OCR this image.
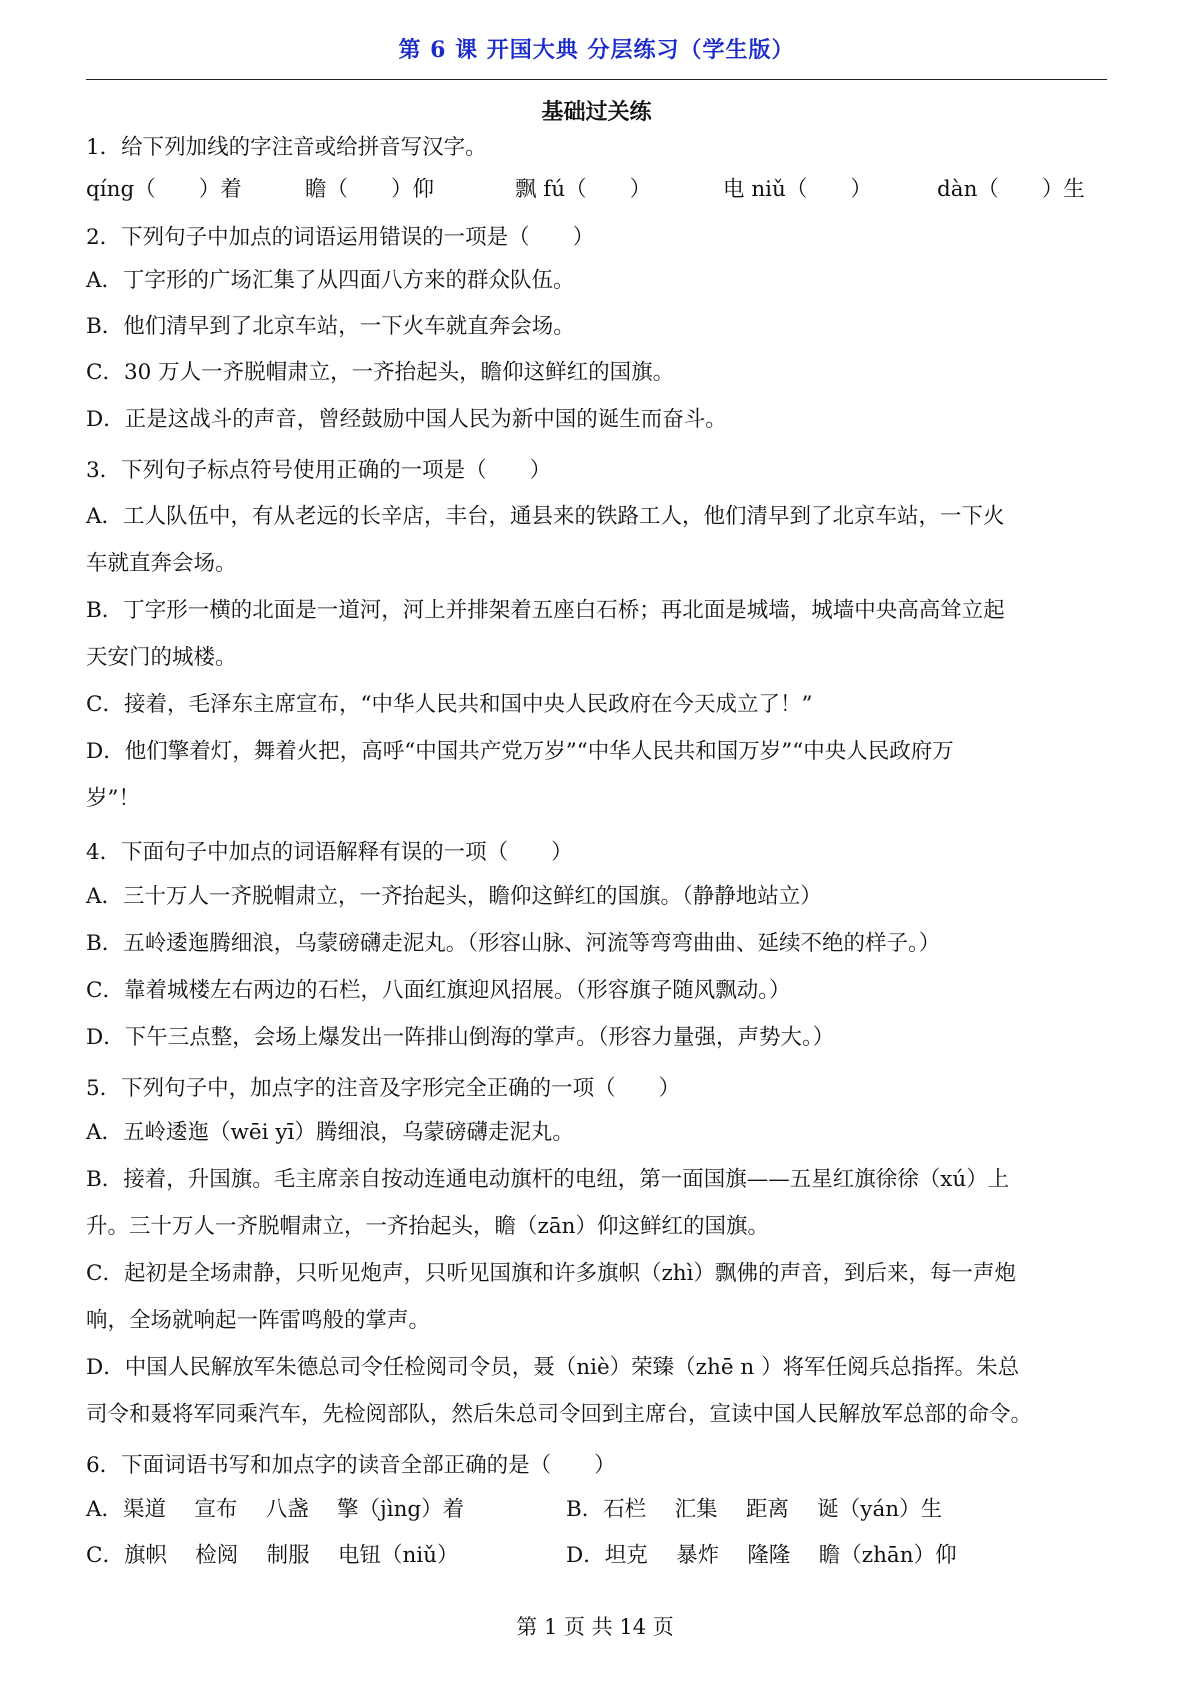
第 6 课 开国大典 分层练习（学生版）
基础过关练
1．给下列加线的字注音或给拼音写汉字。
qíng（　　）着	瞻（　　）仰	飘 fú（　　）	电 niǔ（　　）	dàn（　　）生
2．下列句子中加点的词语运用错误的一项是（　　）
A．丁字形的广场汇集了从四面八方来的群众队伍。
B．他们清早到了北京车站，一下火车就直奔会场。
C．30 万人一齐脱帽肃立，一齐抬起头，瞻仰这鲜红的国旗。
D．正是这战斗的声音，曾经鼓励中国人民为新中国的诞生而奋斗。
3．下列句子标点符号使用正确的一项是（　　）
A．工人队伍中，有从老远的长辛店，丰台，通县来的铁路工人，他们清早到了北京车站，一下火
车就直奔会场。
B．丁字形一横的北面是一道河，河上并排架着五座白石桥；再北面是城墙，城墙中央高高耸立起
天安门的城楼。
C．接着，毛泽东主席宣布，“中华人民共和国中央人民政府在今天成立了！”
D．他们擎着灯，舞着火把，高呼“中国共产党万岁”“中华人民共和国万岁”“中央人民政府万
岁”！
4．下面句子中加点的词语解释有误的一项（　　）
A．三十万人一齐脱帽肃立，一齐抬起头，瞻仰这鲜红的国旗。（静静地站立）
B．五岭逶迤腾细浪，乌蒙磅礴走泥丸。（形容山脉、河流等弯弯曲曲、延续不绝的样子。）
C．靠着城楼左右两边的石栏，八面红旗迎风招展。（形容旗子随风飘动。）
D．下午三点整，会场上爆发出一阵排山倒海的掌声。（形容力量强，声势大。）
5．下列句子中，加点字的注音及字形完全正确的一项（　　）
A．五岭逶迤（wēi yī）腾细浪，乌蒙磅礴走泥丸。
B．接着，升国旗。毛主席亲自按动连通电动旗杆的电纽，第一面国旗——五星红旗徐徐（xú）上
升。三十万人一齐脱帽肃立，一齐抬起头，瞻（zān）仰这鲜红的国旗。
C．起初是全场肃静，只听见炮声，只听见国旗和许多旗帜（zhì）飘佛的声音，到后来，每一声炮
响，全场就响起一阵雷鸣般的掌声。
D．中国人民解放军朱德总司令任检阅司令员，聂（niè）荣臻（zhē n ）将军任阅兵总指挥。朱总
司令和聂将军同乘汽车，先检阅部队，然后朱总司令回到主席台，宣读中国人民解放军总部的命令。
6．下面词语书写和加点字的读音全部正确的是（　　）
A．渠道　 宣布　 八盏　 擎（jìng）着	B．石栏　 汇集　 距离　 诞（yán）生
C．旗帜　 检阅　 制服　 电钮（niǔ）	D．坦克　 暴炸　 隆隆　 瞻（zhān）仰
第 1 页 共 14 页
